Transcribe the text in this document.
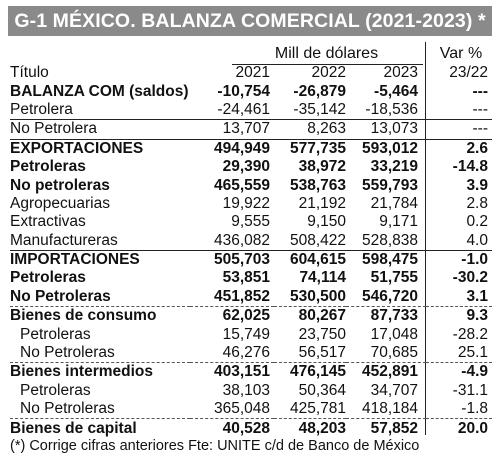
G-1 MÉXICO. BALANZA COMERCIAL (2021-2023) *
Mill de dólares	Var %
Título	2021	2022	2023	23/22
BALANZA COM (saldos)	-10,754	-26,879	-5,464	---
Petrolera	-24,461	-35,142	-18,536	---
No Petrolera	13,707	8,263	13,073	---
EXPORTACIONES	494,949	577,735	593,012	2.6
Petroleras	29,390	38,972	33,219	-14.8
No petroleras	465,559	538,763	559,793	3.9
Agropecuarias	19,922	21,192	21,784	2.8
Extractivas	9,555	9,150	9,171	0.2
Manufactureras	436,082	508,422	528,838	4.0
IMPORTACIONES	505,703	604,615	598,475	-1.0
Petroleras	53,851	74,114	51,755	-30.2
No Petroleras	451,852	530,500	546,720	3.1
Bienes de consumo	62,025	80,267	87,733	9.3
Petroleras	15,749	23,750	17,048	-28.2
No Petroleras	46,276	56,517	70,685	25.1
Bienes intermedios	403,151	476,145	452,891	-4.9
Petroleras	38,103	50,364	34,707	-31.1
No Petroleras	365,048	425,781	418,184	-1.8
Bienes de capital	40,528	48,203	57,852	20.0
(*) Corrige cifras anteriores Fte: UNITE c/d de Banco de México
